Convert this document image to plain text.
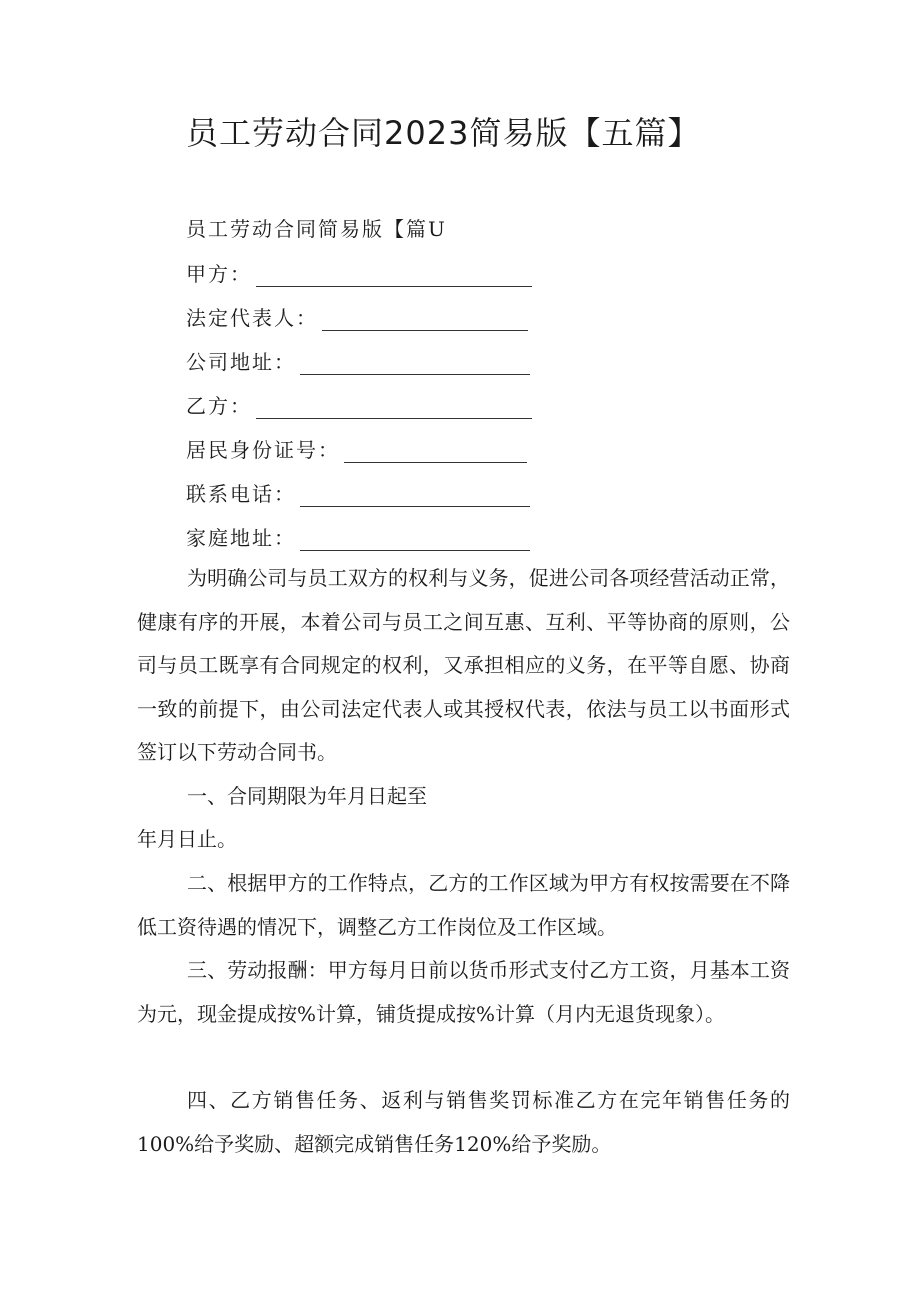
员工劳动合同2023简易版【五篇】
员工劳动合同简易版【篇U
甲方：
法定代表人：
公司地址：
乙方：
居民身份证号：
联系电话：
家庭地址：
为明确公司与员工双方的权利与义务，促进公司各项经营活动正常，健康有序的开展，本着公司与员工之间互惠、互利、平等协商的原则，公司与员工既享有合同规定的权利，又承担相应的义务，在平等自愿、协商一致的前提下，由公司法定代表人或其授权代表，依法与员工以书面形式签订以下劳动合同书。
一、合同期限为年月日起至
年月日止。
二、根据甲方的工作特点，乙方的工作区域为甲方有权按需要在不降低工资待遇的情况下，调整乙方工作岗位及工作区域。
三、劳动报酬：甲方每月日前以货币形式支付乙方工资，月基本工资为元，现金提成按%计算，铺货提成按%计算（月内无退货现象）。
四、乙方销售任务、返利与销售奖罚标准乙方在完年销售任务的100%给予奖励、超额完成销售任务120%给予奖励。
